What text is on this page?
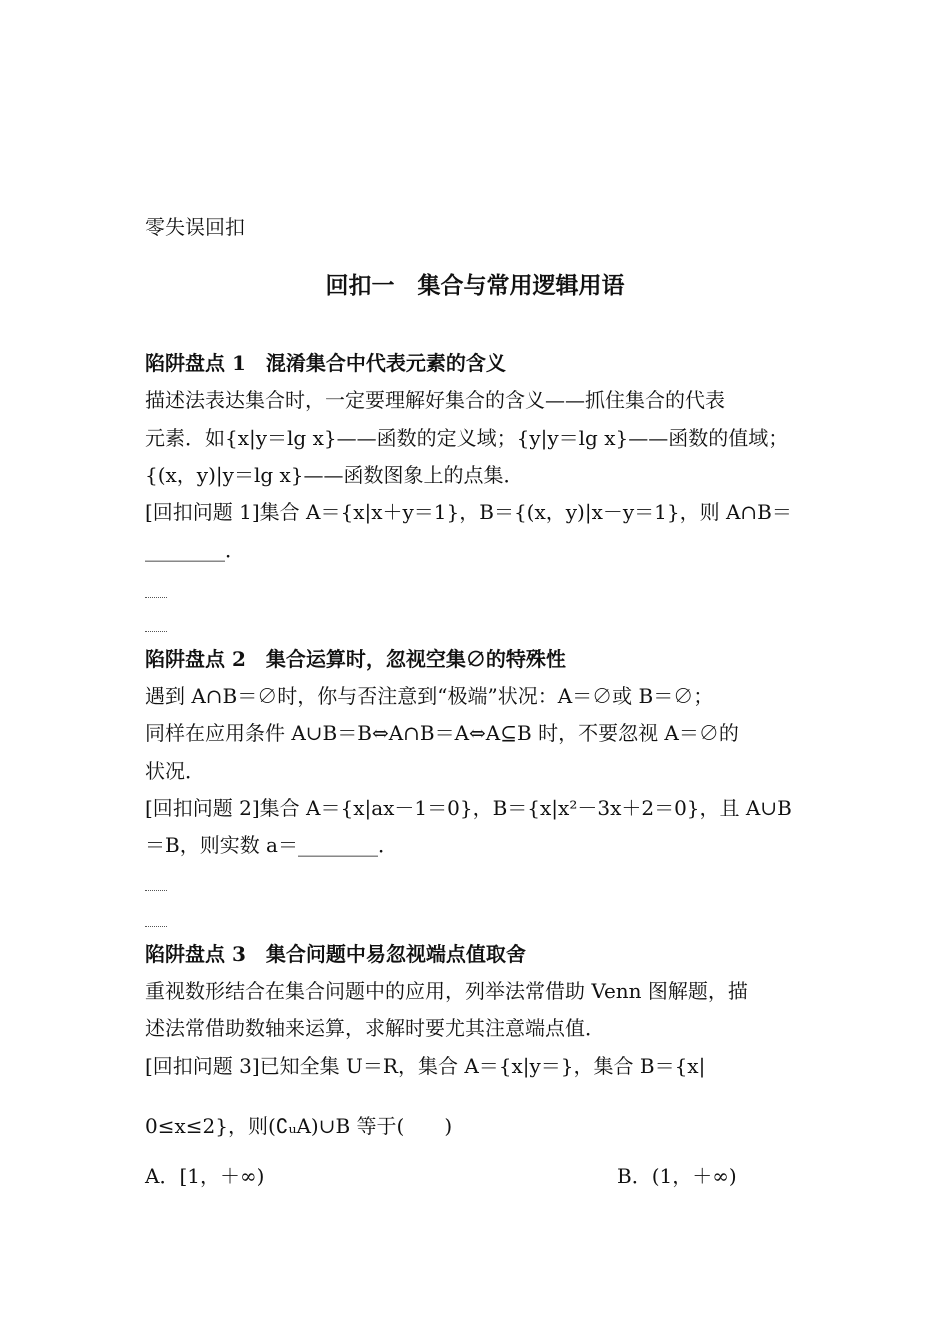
零失误回扣
回扣一　集合与常用逻辑用语
陷阱盘点 1　混淆集合中代表元素的含义
描述法表达集合时，一定要理解好集合的含义——抓住集合的代表
元素．如{x|y＝lg x}——函数的定义域；{y|y＝lg x}——函数的值域；
{(x，y)|y＝lg x}——函数图象上的点集．
[回扣问题 1]集合 A＝{x|x＋y＝1}，B＝{(x，y)|x－y＝1}，则 A∩B＝
________．
陷阱盘点 2　集合运算时，忽视空集∅的特殊性
遇到 A∩B＝∅时，你与否注意到“极端”状况：A＝∅或 B＝∅；
同样在应用条件 A∪B＝B⇔A∩B＝A⇔A⊆B 时，不要忽视 A＝∅的
状况．
[回扣问题 2]集合 A＝{x|ax－1＝0}，B＝{x|x²－3x＋2＝0}，且 A∪B
＝B，则实数 a＝________．
陷阱盘点 3　集合问题中易忽视端点值取舍
重视数形结合在集合问题中的应用，列举法常借助 Venn 图解题，描
述法常借助数轴来运算，求解时要尤其注意端点值．
[回扣问题 3]已知全集 U＝R，集合 A＝{x|y＝}，集合 B＝{x|
0≤x≤2}，则(∁ᵤA)∪B 等于(　　)
A．[1，＋∞)	B．(1，＋∞)
